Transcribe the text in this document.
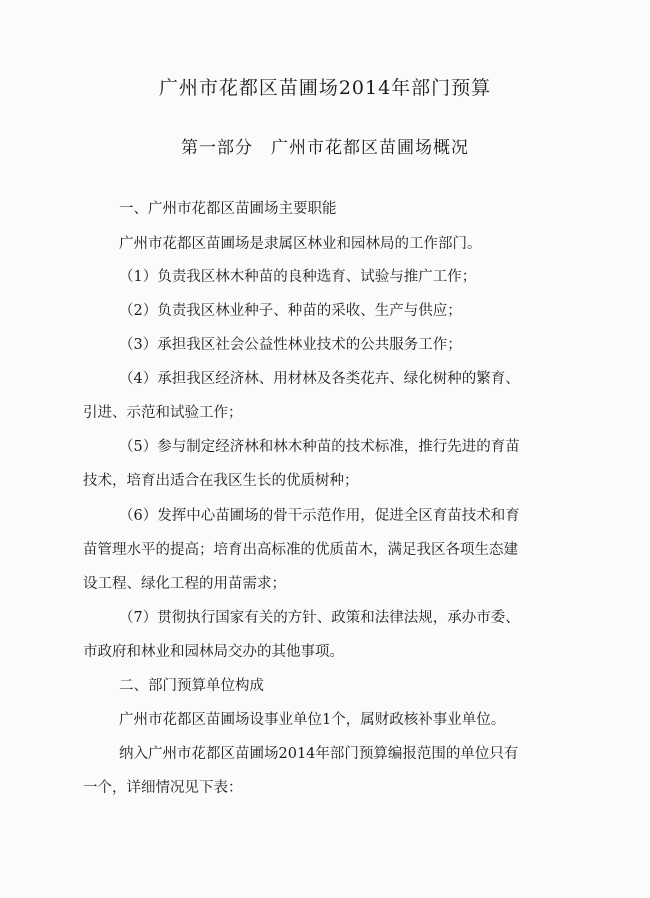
广州市花都区苗圃场2014年部门预算
第一部分　广州市花都区苗圃场概况
一、广州市花都区苗圃场主要职能
广州市花都区苗圃场是隶属区林业和园林局的工作部门。
（1）负责我区林木种苗的良种选育、试验与推广工作；
（2）负责我区林业种子、种苗的采收、生产与供应；
（3）承担我区社会公益性林业技术的公共服务工作；
（4）承担我区经济林、用材林及各类花卉、绿化树种的繁育、
引进、示范和试验工作；
（5）参与制定经济林和林木种苗的技术标准，推行先进的育苗
技术，培育出适合在我区生长的优质树种；
（6）发挥中心苗圃场的骨干示范作用，促进全区育苗技术和育
苗管理水平的提高；培育出高标准的优质苗木，满足我区各项生态建
设工程、绿化工程的用苗需求；
（7）贯彻执行国家有关的方针、政策和法律法规，承办市委、
市政府和林业和园林局交办的其他事项。
二、部门预算单位构成
广州市花都区苗圃场设事业单位1个，属财政核补事业单位。
纳入广州市花都区苗圃场2014年部门预算编报范围的单位只有
一个，详细情况见下表：
